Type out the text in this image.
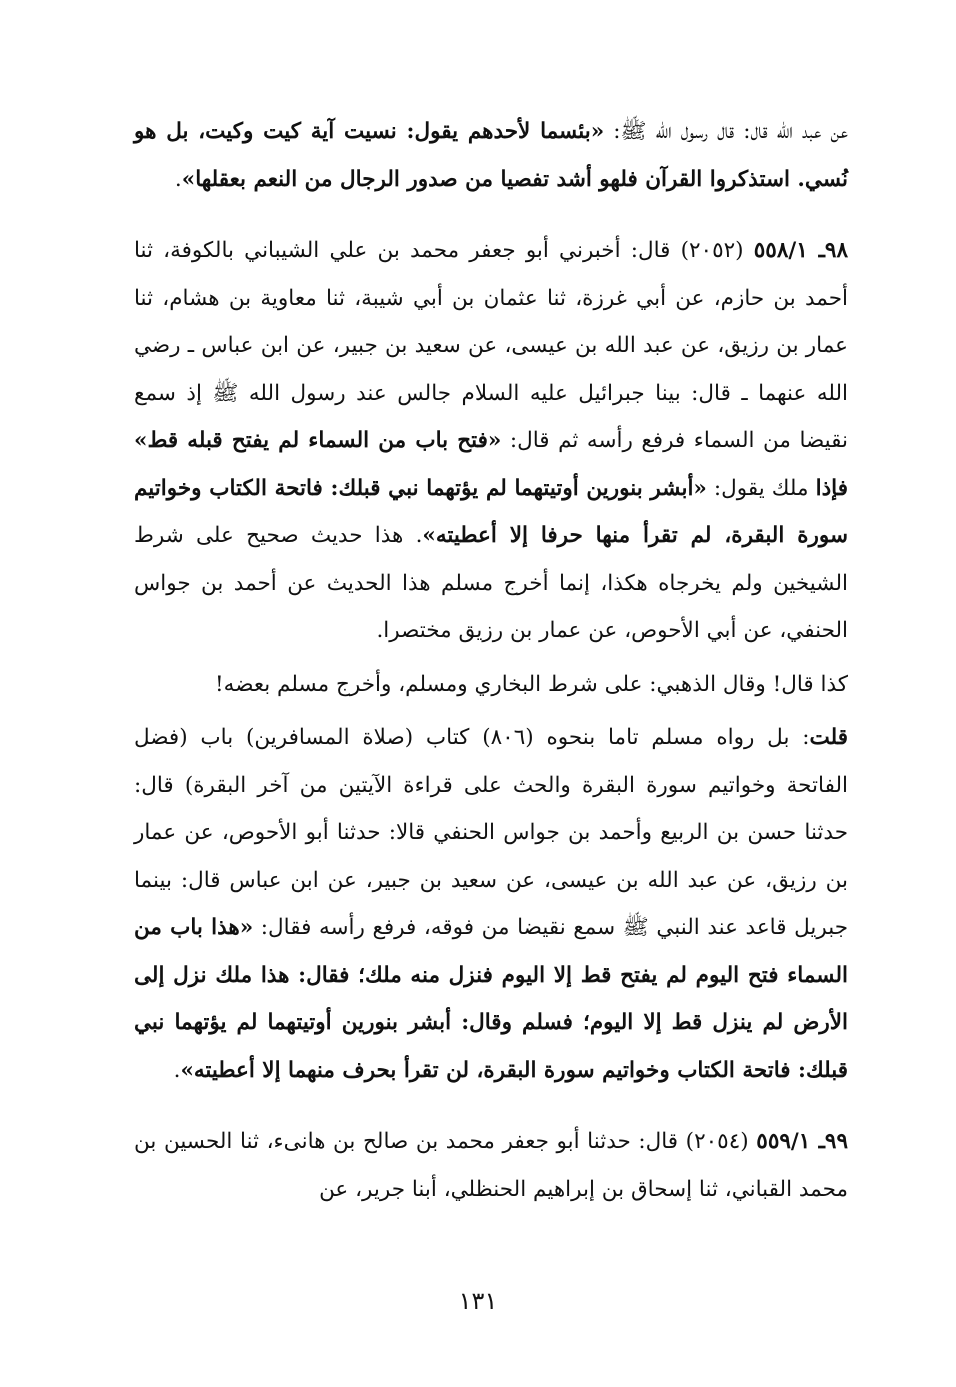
عن عبد الله قال: قال رسول الله ﷺ: «بئسما لأحدهم يقول: نسيت آية كيت وكيت، بل هو نُسي. استذكروا القرآن فلهو أشد تفصيا من صدور الرجال من النعم بعقلها».

٩٨ـ ٥٥٨/١ (٢٠٥٢) قال: أخبرني أبو جعفر محمد بن علي الشيباني بالكوفة، ثنا أحمد بن حازم، عن أبي غرزة، ثنا عثمان بن أبي شيبة، ثنا معاوية بن هشام، ثنا عمار بن رزيق، عن عبد الله بن عيسى، عن سعيد بن جبير، عن ابن عباس ـ رضي الله عنهما ـ قال: بينا جبرائيل عليه السلام جالس عند رسول الله ﷺ إذ سمع نقيضا من السماء فرفع رأسه ثم قال: «فتح باب من السماء لم يفتح قبله قط» فإذا ملك يقول: «أبشر بنورين أوتيتهما لم يؤتهما نبي قبلك: فاتحة الكتاب وخواتيم سورة البقرة، لم تقرأ منها حرفا إلا أعطيته». هذا حديث صحيح على شرط الشيخين ولم يخرجاه هكذا، إنما أخرج مسلم هذا الحديث عن أحمد بن جواس الحنفي، عن أبي الأحوص، عن عمار بن رزيق مختصرا.

كذا قال! وقال الذهبي: على شرط البخاري ومسلم، وأخرج مسلم بعضه!

قلت: بل رواه مسلم تاما بنحوه (٨٠٦) كتاب (صلاة المسافرين) باب (فضل الفاتحة وخواتيم سورة البقرة والحث على قراءة الآيتين من آخر البقرة) قال: حدثنا حسن بن الربيع وأحمد بن جواس الحنفي قالا: حدثنا أبو الأحوص، عن عمار بن رزيق، عن عبد الله بن عيسى، عن سعيد بن جبير، عن ابن عباس قال: بينما جبريل قاعد عند النبي ﷺ سمع نقيضا من فوقه، فرفع رأسه فقال: «هذا باب من السماء فتح اليوم لم يفتح قط إلا اليوم فنزل منه ملك؛ فقال: هذا ملك نزل إلى الأرض لم ينزل قط إلا اليوم؛ فسلم وقال: أبشر بنورين أوتيتهما لم يؤتهما نبي قبلك: فاتحة الكتاب وخواتيم سورة البقرة، لن تقرأ بحرف منهما إلا أعطيته».

٩٩ـ ٥٥٩/١ (٢٠٥٤) قال: حدثنا أبو جعفر محمد بن صالح بن هانىء، ثنا الحسين بن محمد القباني، ثنا إسحاق بن إبراهيم الحنظلي، أبنا جرير، عن

١٣١
